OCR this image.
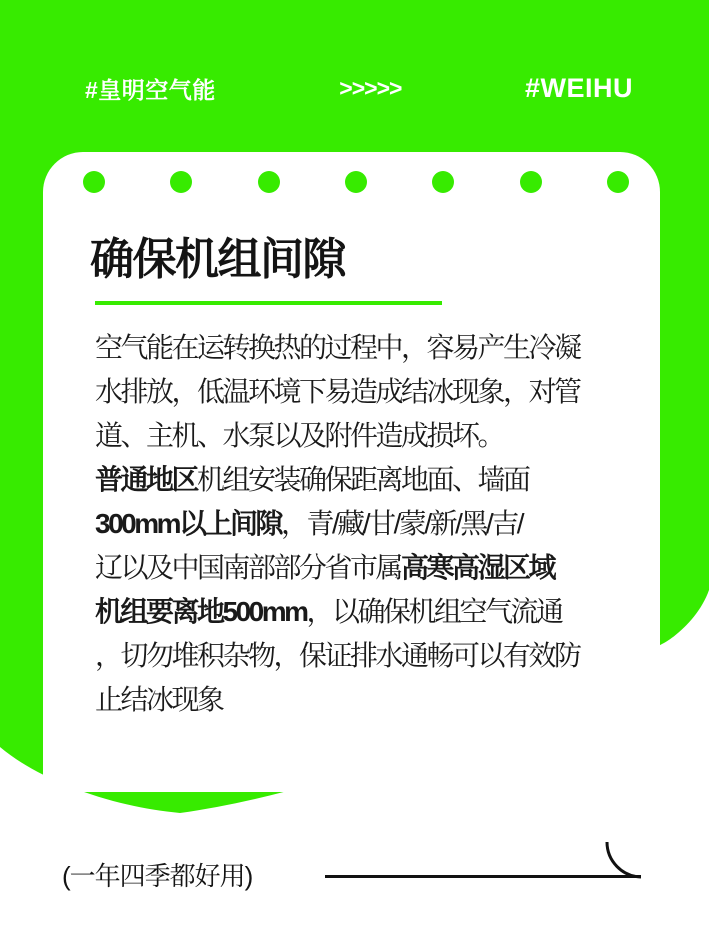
#皇明空气能	>>>>>	#WEIHU
确保机组间隙
空气能在运转换热的过程中，容易产生冷凝
水排放，低温环境下易造成结冰现象，对管
道、主机、水泵以及附件造成损坏。
普通地区机组安装确保距离地面、墙面
300mm以上间隙，青/藏/甘/蒙/新/黑/吉/
辽以及中国南部部分省市属高寒高湿区域
机组要离地500mm，以确保机组空气流通
，切勿堆积杂物，保证排水通畅可以有效防
止结冰现象
(一年四季都好用)
